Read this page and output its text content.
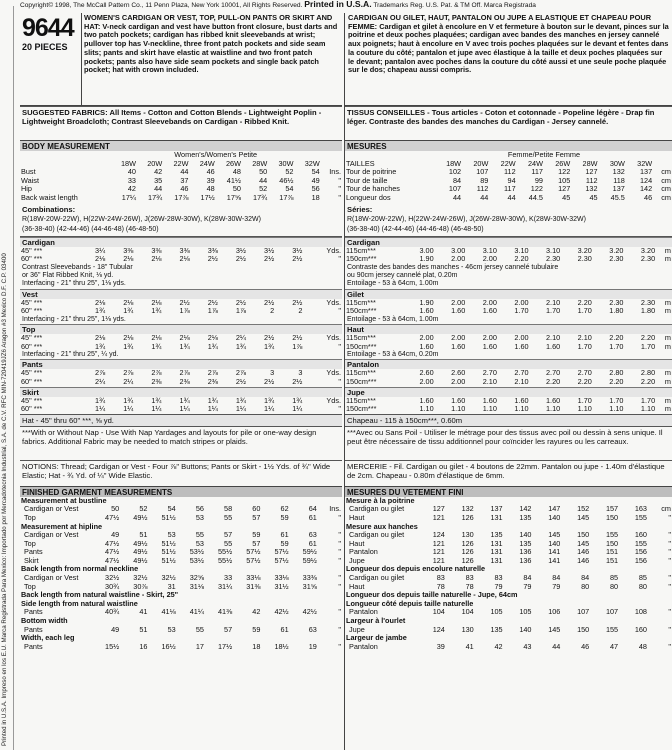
Printed in U.S.A. Impreso en los E.U. Marca Registrada Para Mexico: Importado por Mercadotecnia Industrial, S.A. de C.V. RFC MIN-720419JZ6 Aragon #3 Mexico D.F. C.P. 03400
Copyright© 1998, The McCall Pattern Co., 11 Penn Plaza, New York 10001, All Rights Reserved. Printed in U.S.A. Trademarks Reg. U.S. Pat. & TM Off. Marca Registrada
9644
20 PIECES
WOMEN'S CARDIGAN OR VEST, TOP, PULL-ON PANTS OR SKIRT AND HAT: V-neck cardigan and vest have button front closure, bust darts and two patch pockets; cardigan has ribbed knit sleevebands at wrist; pullover top has V-neckline, three front patch pockets and side seam slits; pants and skirt have elastic at waistline and two front patch pockets; pants also have side seam pockets and single back patch pocket; hat with crown included.
SUGGESTED FABRICS: All Items - Cotton and Cotton Blends - Lightweight Poplin - Lightweight Broadcloth; Contrast Sleevebands on Cardigan - Ribbed Knit.
BODY MEASUREMENT
	Women's/Women's Petite								
	18W	20W	22W	24W	26W	28W	30W	32W	
Bust	40	42	44	46	48	50	52	54	Ins.
Waist	33	35	37	39	41½	44	46½	49	"
Hip	42	44	46	48	50	52	54	56	"
Back waist length	17¼	17¾	17⅞	17½	17⅝	17¾	17⅞	18	"
Combinations:
R(18W-20W-22W), H(22W-24W-26W), J(26W-28W-30W), K(28W-30W-32W)
(36-38-40) (42-44-46) (44-46-48) (46-48-50)
Cardigan
45" ***	3¼	3⅜	3⅜	3⅜	3⅜	3½	3½	3½	Yds.
60" ***	2⅛	2⅛	2⅛	2⅛	2½	2½	2½	2½	"
Contrast Sleevebands - 18" Tubular
or 36" Flat Ribbed Knit, ⅛ yd.
Interfacing - 21" thru 25", 1⅛ yds.
Vest
45" ***	2⅛	2⅛	2⅛	2½	2½	2½	2½	2½	Yds.
60" ***	1¾	1¾	1¾	1⅞	1⅞	1⅞	2	2	"
Interfacing - 21" thru 25", 1⅛ yds.
Top
45" ***	2⅛	2⅛	2⅛	2⅛	2⅛	2¼	2½	2½	Yds.
60" ***	1¾	1¾	1¾	1¾	1¾	1¾	1¾	1⅞	"
Interfacing - 21" thru 25", ¼ yd.
Pants
45" ***	2⅞	2⅞	2⅞	2⅞	2⅞	2⅞	3	3	Yds.
60" ***	2¼	2¼	2⅜	2⅜	2⅜	2½	2½	2½	"
Skirt
45" ***	1¾	1¾	1¾	1¾	1¾	1¾	1¾	1¾	Yds.
60" ***	1¼	1¼	1¼	1¼	1¼	1¼	1¼	1¼	"
Hat - 45" thru 60" ***, ⅝ yd.
***With or Without Nap - Use With Nap Yardages and layouts for pile or one-way design fabrics. Additional Fabric may be needed to match stripes or plaids.
NOTIONS: Thread; Cardigan or Vest - Four ⅞" Buttons; Pants or Skirt - 1½ Yds. of ¾" Wide Elastic; Hat - ¾ Yd. of ¼" Wide Elastic.
FINISHED GARMENT MEASUREMENTS
Measurement at bustline									
Cardigan or Vest	50	52	54	56	58	60	62	64	Ins.
Top	47½	49½	51½	53	55	57	59	61	"
Measurement at hipline									
Cardigan or Vest	49	51	53	55	57	59	61	63	"
Top	47½	49½	51½	53	55	57	59	61	"
Pants	47½	49½	51½	53½	55½	57½	57½	59½	"
Skirt	47½	49½	51½	53½	55½	57½	57½	59½	"
Back length from normal neckline									
Cardigan or Vest	32½	32½	32½	32⅝	33	33⅛	33⅛	33⅜	"
Top	30¾	30⅞	31	31⅛	31¼	31⅜	31½	31⅝	"
Back length from natural waistline - Skirt, 25"									
Side length from natural waistline									
Pants	40¾	41	41⅛	41¼	41⅜	42	42½	42½	"
Bottom width									
Pants	49	51	53	55	57	59	61	63	"
Width, each leg									
Pants	15½	16	16½	17	17½	18	18½	19	"
CARDIGAN OU GILET, HAUT, PANTALON OU JUPE A ELASTIQUE ET CHAPEAU POUR FEMME: Cardigan et gilet à encolure en V et fermeture à bouton sur le devant, pinces sur la poitrine et deux poches plaquées; cardigan avec bandes des manches en jersey cannelé aux poignets; haut à encolure en V avec trois poches plaquées sur le devant et fentes dans la couture du côté; pantalon et jupe avec élastique à la taille et deux poches plaquées sur le devant; pantalon avec poches dans la couture du côté aussi et une seule poche plaquée sur le dos; chapeau aussi compris.
TISSUS CONSEILLES - Tous articles - Coton et cotonnade - Popeline légère - Drap fin léger. Contraste des bandes des manches du Cardigan - Jersey cannelé.
MESURES
	Femme/Petite Femme								
TAILLES	18W	20W	22W	24W	26W	28W	30W	32W	
Tour de poitrine	102	107	112	117	122	127	132	137	cm
Tour de taille	84	89	94	99	105	112	118	124	cm
Tour de hanches	107	112	117	122	127	132	137	142	cm
Longueur dos	44	44	44	44.5	45	45	45.5	46	cm
Séries:
R(18W-20W-22W), H(22W-24W-26W), J(26W-28W-30W), K(28W-30W-32W)
(36-38-40) (42-44-46) (44-46-48) (46-48-50)
Cardigan
115cm***	3.00	3.00	3.10	3.10	3.10	3.20	3.20	3.20	m
150cm***	1.90	2.00	2.00	2.20	2.30	2.30	2.30	2.30	m
Contraste des bandes des manches - 46cm jersey cannelé tubulaire
ou 90cm jersey cannelé plat, 0.20m
Entoilage - 53 à 64cm, 1.00m
Gilet
115cm***	1.90	2.00	2.00	2.00	2.10	2.20	2.30	2.30	m
150cm***	1.60	1.60	1.60	1.70	1.70	1.70	1.80	1.80	m
Entoilage - 53 à 64cm, 1.00m
Haut
115cm***	2.00	2.00	2.00	2.00	2.10	2.10	2.20	2.20	m
150cm***	1.60	1.60	1.60	1.60	1.60	1.70	1.70	1.70	m
Entoilage - 53 à 64cm, 0.20m
Pantalon
115cm***	2.60	2.60	2.70	2.70	2.70	2.70	2.80	2.80	m
150cm***	2.00	2.00	2.10	2.10	2.20	2.20	2.20	2.20	m
Jupe
115cm***	1.60	1.60	1.60	1.60	1.60	1.70	1.70	1.70	m
150cm***	1.10	1.10	1.10	1.10	1.10	1.10	1.10	1.10	m
Chapeau - 115 à 150cm***, 0.60m
***Avec ou Sans Poil - Utiliser le métrage pour des tissus avec poil ou dessin à sens unique. Il peut être nécessaire de tissu additionnel pour coïncider les rayures ou les carreaux.
MERCERIE - Fil. Cardigan ou gilet - 4 boutons de 22mm. Pantalon ou jupe - 1.40m d'élastique de 2cm. Chapeau - 0.80m d'élastique de 6mm.
MESURES DU VETEMENT FINI
Mesure à la poitrine									
Cardigan ou gilet	127	132	137	142	147	152	157	163	cm
Haut	121	126	131	135	140	145	150	155	"
Mesure aux hanches									
Cardigan ou gilet	124	130	135	140	145	150	155	160	"
Haut	121	126	131	135	140	145	150	155	"
Pantalon	121	126	131	136	141	146	151	156	"
Jupe	121	126	131	136	141	146	151	156	"
Longueur dos depuis encolure naturelle									
Cardigan ou gilet	83	83	83	84	84	84	85	85	"
Haut	78	78	79	79	79	80	80	80	"
Longueur dos depuis taille naturelle - Jupe, 64cm									
Longueur côté depuis taille naturelle									
Pantalon	104	104	105	105	106	107	107	108	"
Largeur à l'ourlet									
Jupe	124	130	135	140	145	150	155	160	"
Largeur de jambe									
Pantalon	39	41	42	43	44	46	47	48	"
